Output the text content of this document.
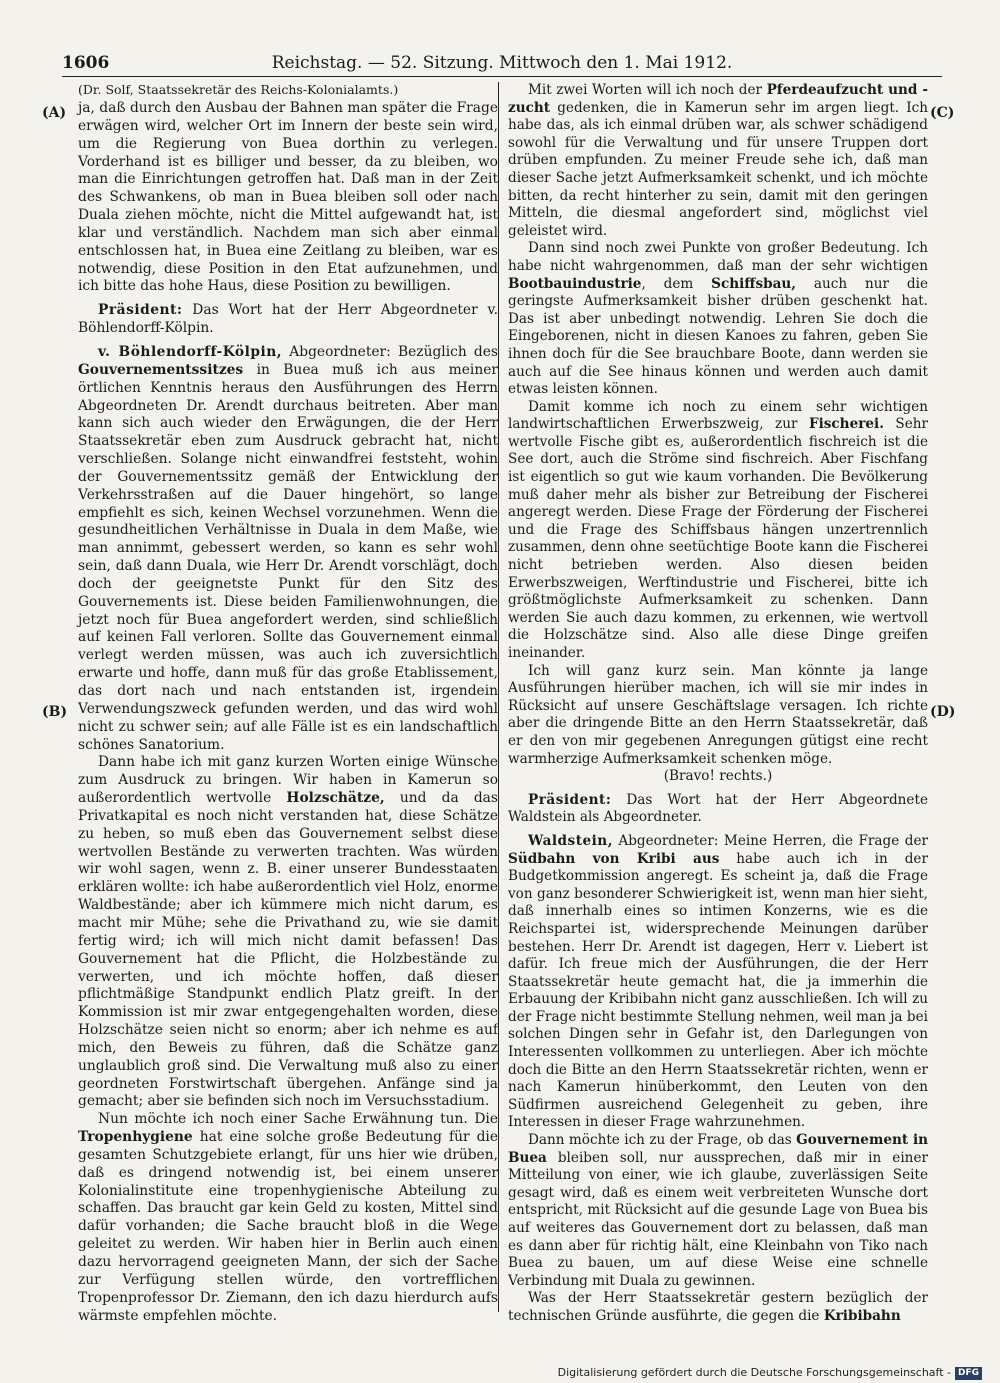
1606	Reichstag. — 52. Sitzung. Mittwoch den 1. Mai 1912.
(A)
(B)
(C)
(D)

(Dr. Solf, Staatssekretär des Reichs-Kolonialamts.)

ja, daß durch den Ausbau der Bahnen man später die Frage erwägen wird, welcher Ort im Innern der beste sein wird, um die Regierung von Buea dorthin zu verlegen. Vorderhand ist es billiger und besser, da zu bleiben, wo man die Einrichtungen getroffen hat. Daß man in der Zeit des Schwankens, ob man in Buea bleiben soll oder nach Duala ziehen möchte, nicht die Mittel aufgewandt hat, ist klar und verständlich. Nachdem man sich aber einmal entschlossen hat, in Buea eine Zeitlang zu bleiben, war es notwendig, diese Position in den Etat aufzunehmen, und ich bitte das hohe Haus, diese Position zu bewilligen.

Präsident: Das Wort hat der Herr Abgeordneter v. Böhlendorff-Kölpin.

v. Böhlendorff-Kölpin, Abgeordneter: Bezüglich des Gouvernementssitzes in Buea muß ich aus meiner örtlichen Kenntnis heraus den Ausführungen des Herrn Abgeordneten Dr. Arendt durchaus beitreten. Aber man kann sich auch wieder den Erwägungen, die der Herr Staatssekretär eben zum Ausdruck gebracht hat, nicht verschließen. Solange nicht einwandfrei feststeht, wohin der Gouvernementssitz gemäß der Entwicklung der Verkehrsstraßen auf die Dauer hingehört, so lange empfiehlt es sich, keinen Wechsel vorzunehmen. Wenn die gesundheitlichen Verhältnisse in Duala in dem Maße, wie man annimmt, gebessert werden, so kann es sehr wohl sein, daß dann Duala, wie Herr Dr. Arendt vorschlägt, doch doch der geeignetste Punkt für den Sitz des Gouvernements ist. Diese beiden Familienwohnungen, die jetzt noch für Buea angefordert werden, sind schließlich auf keinen Fall verloren. Sollte das Gouvernement einmal verlegt werden müssen, was auch ich zuversichtlich erwarte und hoffe, dann muß für das große Etablissement, das dort nach und nach entstanden ist, irgendein Verwendungszweck gefunden werden, und das wird wohl nicht zu schwer sein; auf alle Fälle ist es ein landschaftlich schönes Sanatorium.

Dann habe ich mit ganz kurzen Worten einige Wünsche zum Ausdruck zu bringen. Wir haben in Kamerun so außerordentlich wertvolle Holzschätze, und da das Privatkapital es noch nicht verstanden hat, diese Schätze zu heben, so muß eben das Gouvernement selbst diese wertvollen Bestände zu verwerten trachten. Was würden wir wohl sagen, wenn z. B. einer unserer Bundesstaaten erklären wollte: ich habe außerordentlich viel Holz, enorme Waldbestände; aber ich kümmere mich nicht darum, es macht mir Mühe; sehe die Privathand zu, wie sie damit fertig wird; ich will mich nicht damit befassen! Das Gouvernement hat die Pflicht, die Holzbestände zu verwerten, und ich möchte hoffen, daß dieser pflichtmäßige Standpunkt endlich Platz greift. In der Kommission ist mir zwar entgegengehalten worden, diese Holzschätze seien nicht so enorm; aber ich nehme es auf mich, den Beweis zu führen, daß die Schätze ganz unglaublich groß sind. Die Verwaltung muß also zu einer geordneten Forstwirtschaft übergehen. Anfänge sind ja gemacht; aber sie befinden sich noch im Versuchsstadium.

Nun möchte ich noch einer Sache Erwähnung tun. Die Tropenhygiene hat eine solche große Bedeutung für die gesamten Schutzgebiete erlangt, für uns hier wie drüben, daß es dringend notwendig ist, bei einem unserer Kolonialinstitute eine tropenhygienische Abteilung zu schaffen. Das braucht gar kein Geld zu kosten, Mittel sind dafür vorhanden; die Sache braucht bloß in die Wege geleitet zu werden. Wir haben hier in Berlin auch einen dazu hervorragend geeigneten Mann, der sich der Sache zur Verfügung stellen würde, den vortrefflichen Tropenprofessor Dr. Ziemann, den ich dazu hierdurch aufs wärmste empfehlen möchte.

Mit zwei Worten will ich noch der Pferdeaufzucht und -zucht gedenken, die in Kamerun sehr im argen liegt. Ich habe das, als ich einmal drüben war, als schwer schädigend sowohl für die Verwaltung und für unsere Truppen dort drüben empfunden. Zu meiner Freude sehe ich, daß man dieser Sache jetzt Aufmerksamkeit schenkt, und ich möchte bitten, da recht hinterher zu sein, damit mit den geringen Mitteln, die diesmal angefordert sind, möglichst viel geleistet wird.

Dann sind noch zwei Punkte von großer Bedeutung. Ich habe nicht wahrgenommen, daß man der sehr wichtigen Bootbauindustrie, dem Schiffsbau, auch nur die geringste Aufmerksamkeit bisher drüben geschenkt hat. Das ist aber unbedingt notwendig. Lehren Sie doch die Eingeborenen, nicht in diesen Kanoes zu fahren, geben Sie ihnen doch für die See brauchbare Boote, dann werden sie auch auf die See hinaus können und werden auch damit etwas leisten können.

Damit komme ich noch zu einem sehr wichtigen landwirtschaftlichen Erwerbszweig, zur Fischerei. Sehr wertvolle Fische gibt es, außerordentlich fischreich ist die See dort, auch die Ströme sind fischreich. Aber Fischfang ist eigentlich so gut wie kaum vorhanden. Die Bevölkerung muß daher mehr als bisher zur Betreibung der Fischerei angeregt werden. Diese Frage der Förderung der Fischerei und die Frage des Schiffsbaus hängen unzertrennlich zusammen, denn ohne seetüchtige Boote kann die Fischerei nicht betrieben werden. Also diesen beiden Erwerbszweigen, Werftindustrie und Fischerei, bitte ich größtmöglichste Aufmerksamkeit zu schenken. Dann werden Sie auch dazu kommen, zu erkennen, wie wertvoll die Holzschätze sind. Also alle diese Dinge greifen ineinander.

Ich will ganz kurz sein. Man könnte ja lange Ausführungen hierüber machen, ich will sie mir indes in Rücksicht auf unsere Geschäftslage versagen. Ich richte aber die dringende Bitte an den Herrn Staatssekretär, daß er den von mir gegebenen Anregungen gütigst eine recht warmherzige Aufmerksamkeit schenken möge.

(Bravo! rechts.)

Präsident: Das Wort hat der Herr Abgeordnete Waldstein als Abgeordneter.

Waldstein, Abgeordneter: Meine Herren, die Frage der Südbahn von Kribi aus habe auch ich in der Budgetkommission angeregt. Es scheint ja, daß die Frage von ganz besonderer Schwierigkeit ist, wenn man hier sieht, daß innerhalb eines so intimen Konzerns, wie es die Reichspartei ist, widersprechende Meinungen darüber bestehen. Herr Dr. Arendt ist dagegen, Herr v. Liebert ist dafür. Ich freue mich der Ausführungen, die der Herr Staatssekretär heute gemacht hat, die ja immerhin die Erbauung der Kribibahn nicht ganz ausschließen. Ich will zu der Frage nicht bestimmte Stellung nehmen, weil man ja bei solchen Dingen sehr in Gefahr ist, den Darlegungen von Interessenten vollkommen zu unterliegen. Aber ich möchte doch die Bitte an den Herrn Staatssekretär richten, wenn er nach Kamerun hinüberkommt, den Leuten von den Südfirmen ausreichend Gelegenheit zu geben, ihre Interessen in dieser Frage wahrzunehmen.

Dann möchte ich zu der Frage, ob das Gouvernement in Buea bleiben soll, nur aussprechen, daß mir in einer Mitteilung von einer, wie ich glaube, zuverlässigen Seite gesagt wird, daß es einem weit verbreiteten Wunsche dort entspricht, mit Rücksicht auf die gesunde Lage von Buea bis auf weiteres das Gouvernement dort zu belassen, daß man es dann aber für richtig hält, eine Kleinbahn von Tiko nach Buea zu bauen, um auf diese Weise eine schnelle Verbindung mit Duala zu gewinnen.

Was der Herr Staatssekretär gestern bezüglich der technischen Gründe ausführte, die gegen die Kribibahn

Digitalisierung gefördert durch die Deutsche Forschungsgemeinschaft - DFG
